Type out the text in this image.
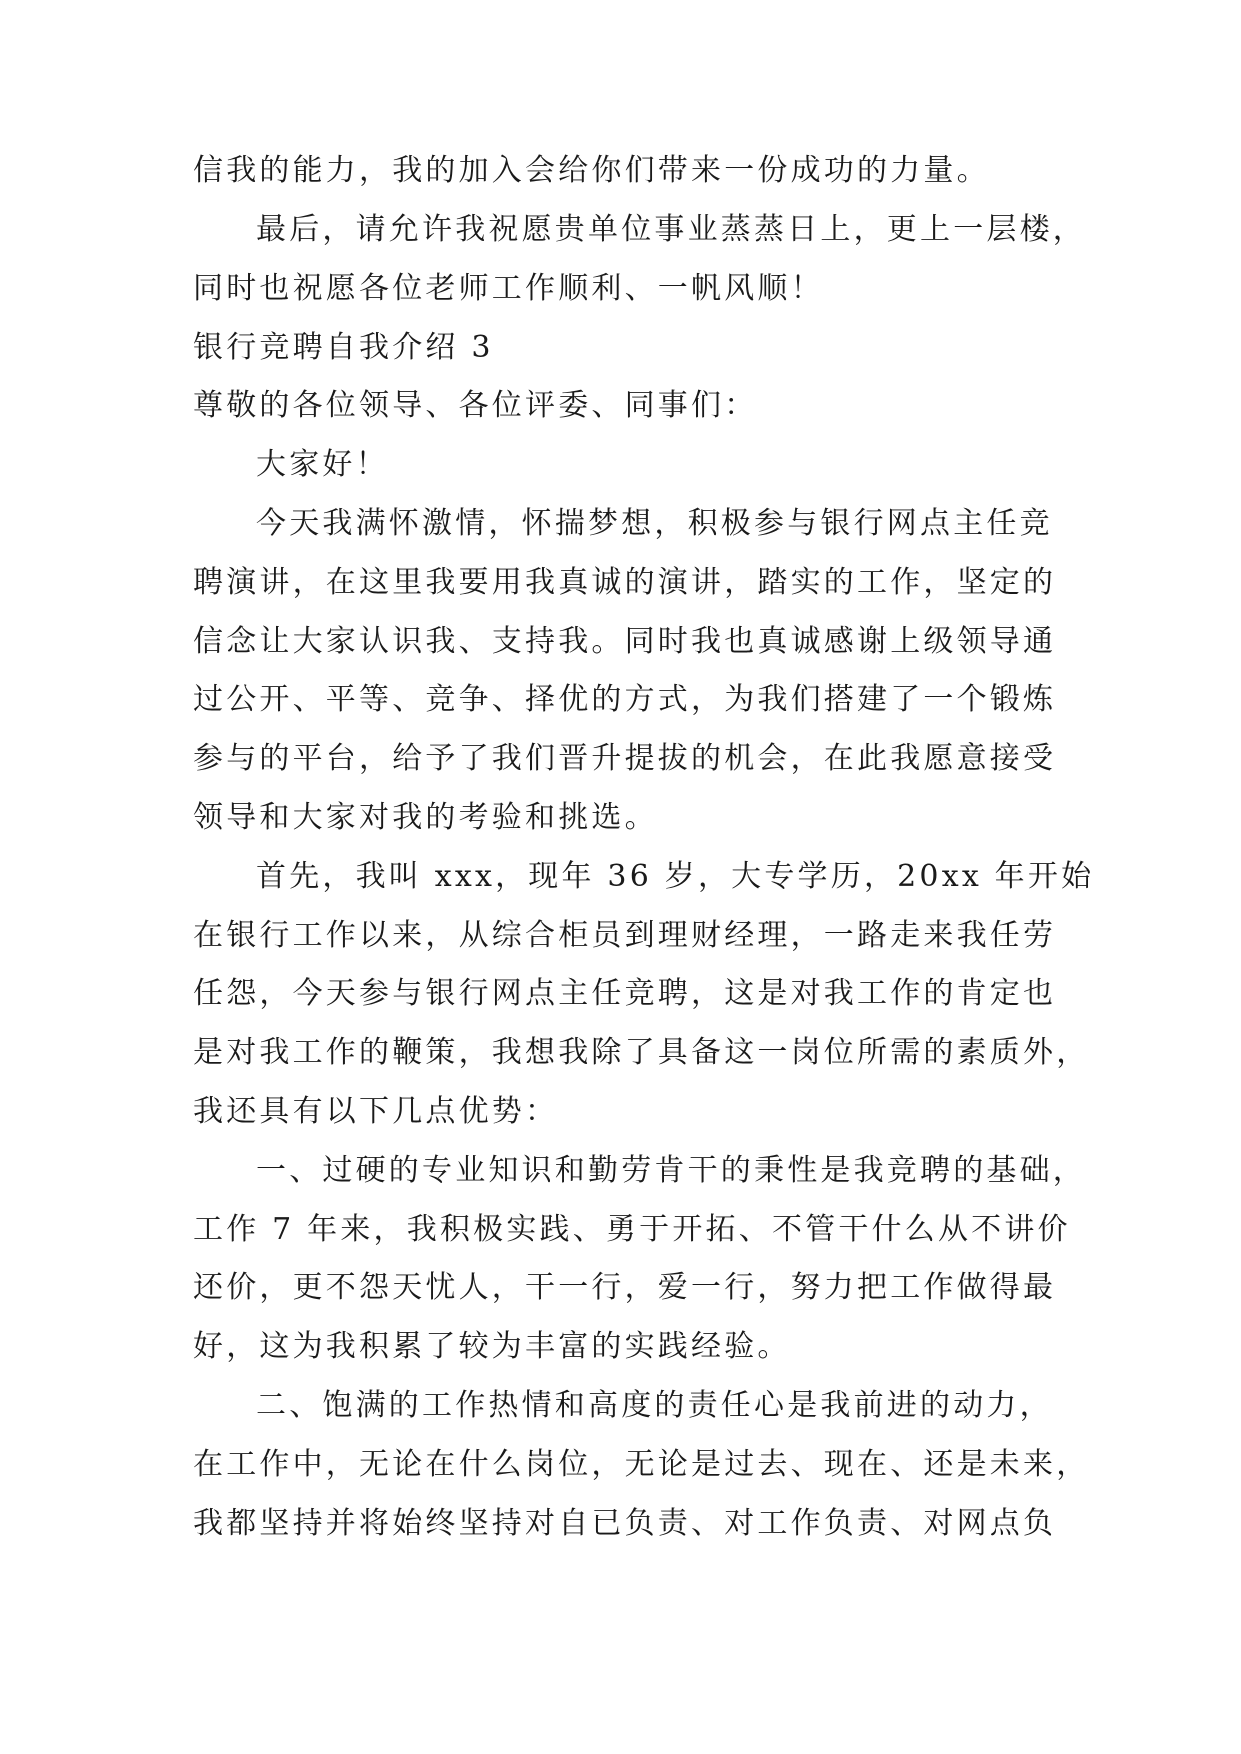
信我的能力，我的加入会给你们带来一份成功的力量。
最后，请允许我祝愿贵单位事业蒸蒸日上，更上一层楼，
同时也祝愿各位老师工作顺利、一帆风顺！
银行竞聘自我介绍 3
尊敬的各位领导、各位评委、同事们：
大家好！
今天我满怀激情，怀揣梦想，积极参与银行网点主任竞
聘演讲，在这里我要用我真诚的演讲，踏实的工作，坚定的
信念让大家认识我、支持我。同时我也真诚感谢上级领导通
过公开、平等、竞争、择优的方式，为我们搭建了一个锻炼
参与的平台，给予了我们晋升提拔的机会，在此我愿意接受
领导和大家对我的考验和挑选。
首先，我叫 xxx，现年 36 岁，大专学历，20xx 年开始
在银行工作以来，从综合柜员到理财经理，一路走来我任劳
任怨，今天参与银行网点主任竞聘，这是对我工作的肯定也
是对我工作的鞭策，我想我除了具备这一岗位所需的素质外，
我还具有以下几点优势：
一、过硬的专业知识和勤劳肯干的秉性是我竞聘的基础，
工作 7 年来，我积极实践、勇于开拓、不管干什么从不讲价
还价，更不怨天忧人，干一行，爱一行，努力把工作做得最
好，这为我积累了较为丰富的实践经验。
二、饱满的工作热情和高度的责任心是我前进的动力，
在工作中，无论在什么岗位，无论是过去、现在、还是未来，
我都坚持并将始终坚持对自已负责、对工作负责、对网点负
